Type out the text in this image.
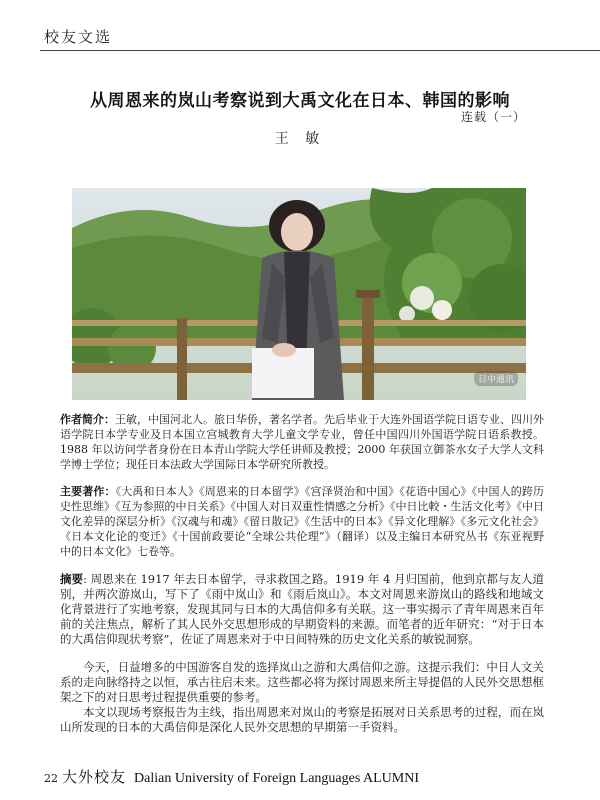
校友文选
从周恩来的岚山考察说到大禹文化在日本、韩国的影响
连载（一）
王 敏
日中通讯
作者简介：王敏，中国河北人。旅日华侨，著名学者。先后毕业于大连外国语学院日语专业、四川外语学院日本学专业及日本国立宫城教育大学儿童文学专业，曾任中国四川外国语学院日语系教授。1988 年以访问学者身份在日本青山学院大学任讲师及教授；2000 年获国立御茶水女子大学人文科学博士学位；现任日本法政大学国际日本学研究所教授。
主要著作：《大禹和日本人》《周恩来的日本留学》《宫泽贤治和中国》《花语中国心》《中国人的跨历史性思维》《互为参照的中日关系》《中国人对日双重性情感之分析》《中日比較・生活文化考》《中日文化差异的深层分析》《汉魂与和魂》《留日散记》《生活中的日本》《异文化理解》《多元文化社会》《日本文化论的变迁》《十国前政要论“全球公共伦理”》（翻译）以及主编日本研究丛书《东亚视野中的日本文化》七卷等。
摘要: 周恩来在 1917 年去日本留学，寻求救国之路。1919 年 4 月归国前，他到京都与友人道别，并两次游岚山，写下了《雨中岚山》和《雨后岚山》。本文对周恩来游岚山的路线和地域文化背景进行了实地考察，发现其同与日本的大禹信仰多有关联。这一事实揭示了青年周恩来百年前的关注焦点，解析了其人民外交思想形成的早期资料的来源。而笔者的近年研究：“对于日本的大禹信仰现状考察”，佐证了周恩来对于中日间特殊的历史文化关系的敏锐洞察。

今天，日益增多的中国游客自发的选择岚山之游和大禹信仰之游。这提示我们：中日人文关系的走向脉络持之以恒，承古往启未来。这些都必将为探讨周恩来所主导提倡的人民外交思想框架之下的对日思考过程提供重要的参考。

本文以现场考察报告为主线，指出周恩来对岚山的考察是拓展对日关系思考的过程，而在岚山所发现的日本的大禹信仰是深化人民外交思想的早期第一手资料。

22 大外校友 Dalian University of Foreign Languages ALUMNI
